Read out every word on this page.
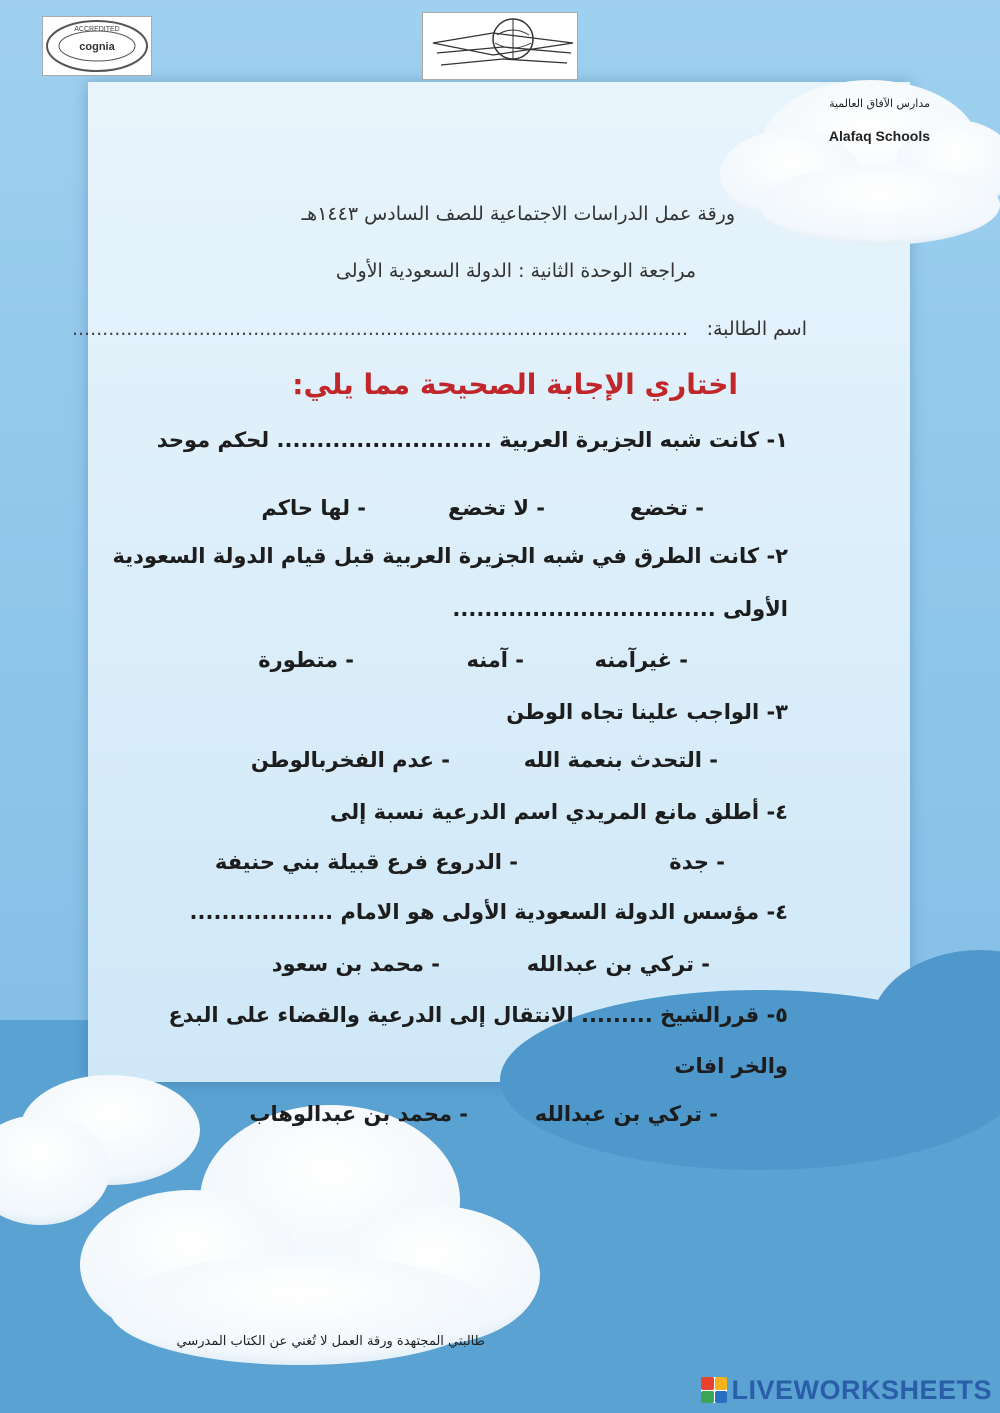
ACCREDITED
cognia
مدارس الآفاق العالمية
Alafaq Schools
ورقة عمل الدراسات الاجتماعية للصف السادس ١٤٤٣هـ
مراجعة الوحدة الثانية : الدولة السعودية الأولى
اسم الطالبة:
......................................................................................................
اختاري الإجابة الصحيحة مما يلي:
١- كانت شبه الجزيرة العربية ........................... لحكم موحد
- تخضع
- لا تخضع
- لها حاكم
٢- كانت الطرق في شبه الجزيرة العربية قبل قيام الدولة السعودية
الأولى .................................
- غيرآمنه
- آمنه
- متطورة
٣- الواجب علينا تجاه الوطن
- التحدث بنعمة الله
- عدم الفخربالوطن
٤- أطلق مانع المريدي اسم الدرعية نسبة إلى
- جدة
- الدروع فرع قبيلة بني حنيفة
٤- مؤسس الدولة السعودية الأولى هو الامام ..................
- تركي بن عبدالله
- محمد بن سعود
٥- قررالشيخ ......... الانتقال إلى الدرعية والقضاء على البدع
والخر افات
- تركي بن عبدالله
- محمد بن عبدالوهاب
طالبتي المجتهدة ورقة العمل لا تُغني عن الكتاب المدرسي
LIVEWORKSHEETS
